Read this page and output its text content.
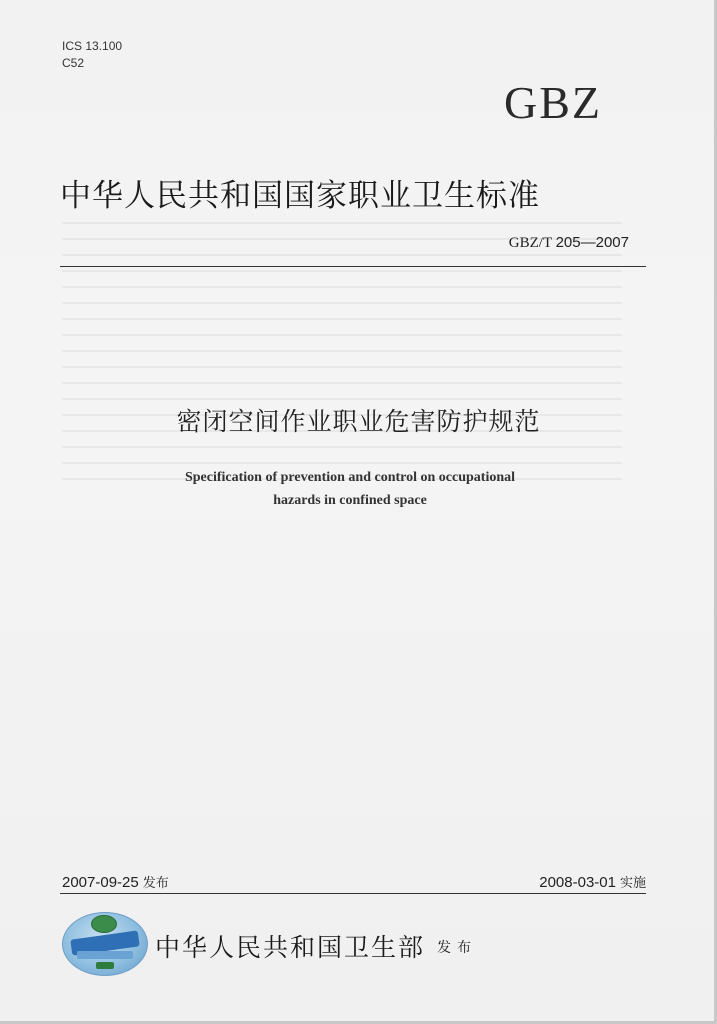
ICS 13.100
C52
GBZ
中华人民共和国国家职业卫生标准
GBZ/T 205—2007
密闭空间作业职业危害防护规范
Specification of prevention and control on occupational
hazards in confined space
2007-09-25 发布	2008-03-01 实施
中华人民共和国卫生部 发布
